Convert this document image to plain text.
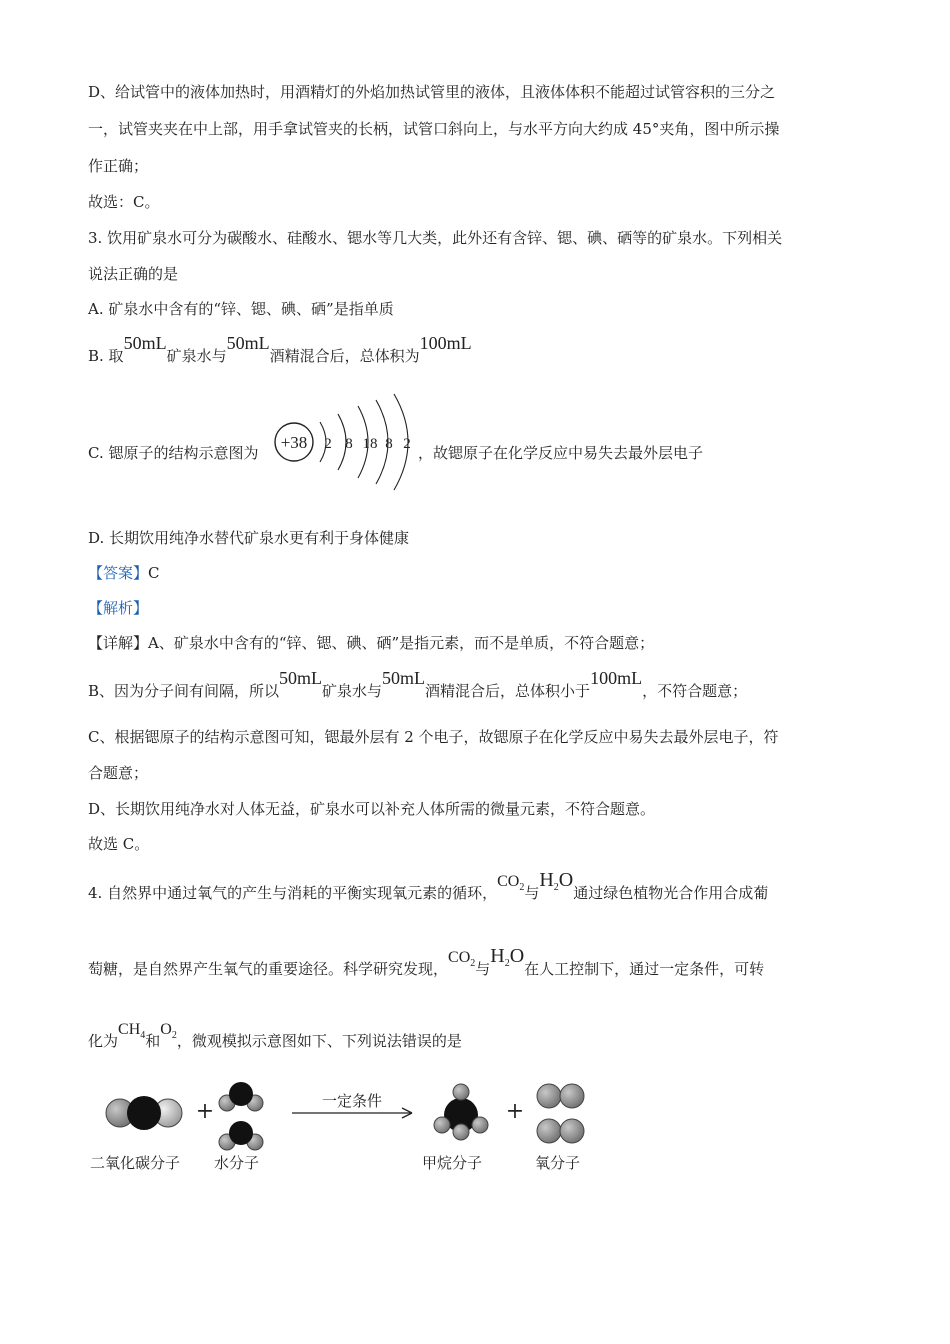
D、给试管中的液体加热时，用酒精灯的外焰加热试管里的液体，且液体体积不能超过试管容积的三分之
一，试管夹夹在中上部，用手拿试管夹的长柄，试管口斜向上，与水平方向大约成 45°夹角，图中所示操
作正确；
故选：C。
3. 饮用矿泉水可分为碳酸水、硅酸水、锶水等几大类，此外还有含锌、锶、碘、硒等的矿泉水。下列相关
说法正确的是
A. 矿泉水中含有的“锌、锶、碘、硒”是指单质
B. 取50mL矿泉水与50mL酒精混合后，总体积为100mL
C. 锶原子的结构示意图为
+38 2 8 18 8 2 ，故锶原子在化学反应中易失去最外层电子
D. 长期饮用纯净水替代矿泉水更有利于身体健康
【答案】C
【解析】
【详解】A、矿泉水中含有的“锌、锶、碘、硒”是指元素，而不是单质，不符合题意；
B、因为分子间有间隔，所以50mL矿泉水与50mL酒精混合后，总体积小于100mL，不符合题意；
C、根据锶原子的结构示意图可知，锶最外层有 2 个电子，故锶原子在化学反应中易失去最外层电子，符
合题意；
D、长期饮用纯净水对人体无益，矿泉水可以补充人体所需的微量元素，不符合题意。
故选 C。
4. 自然界中通过氧气的产生与消耗的平衡实现氧元素的循环，$CO_2$与$H_2O$通过绿色植物光合作用合成葡
萄糖，是自然界产生氧气的重要途径。科学研究发现，$CO_2$与$H_2O$在人工控制下，通过一定条件，可转
化为$CH_4$和$O_2$，微观模拟示意图如下、下列说法错误的是
+	一定条件	+
二氧化碳分子 水分子	甲烷分子	氧分子
